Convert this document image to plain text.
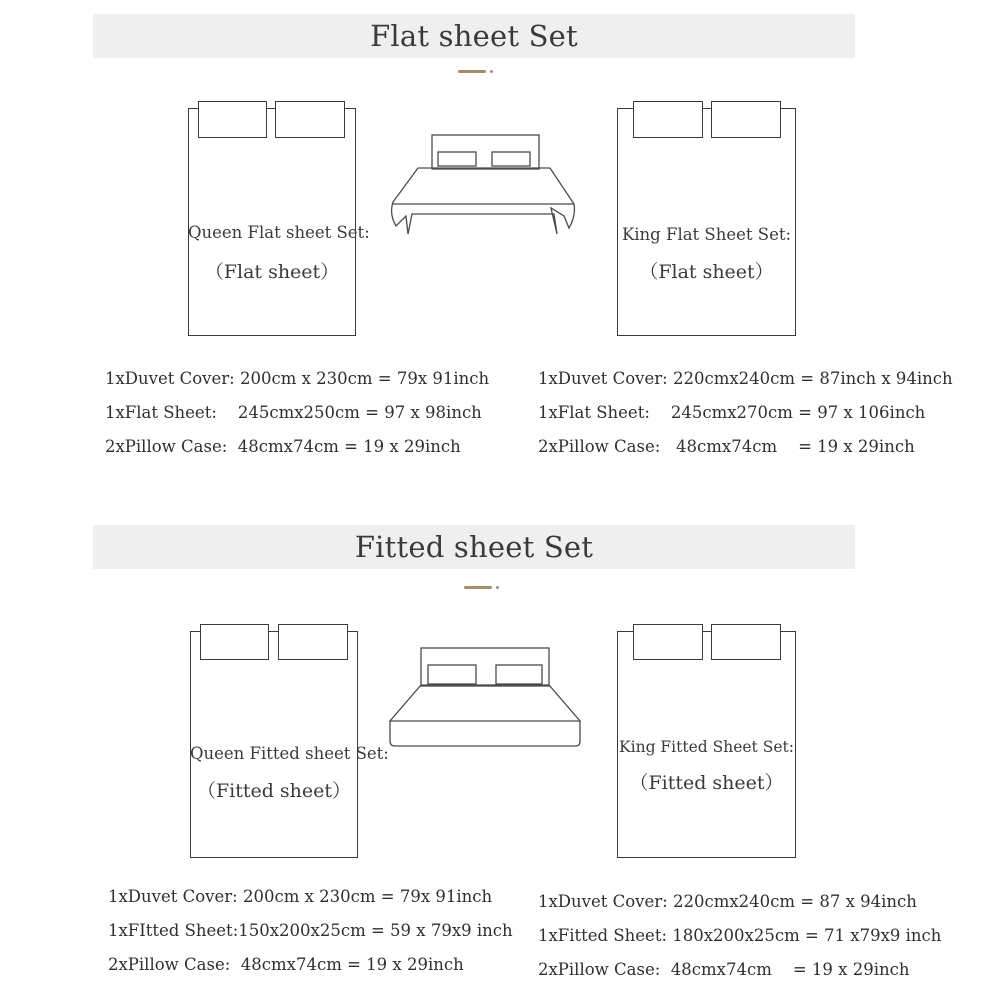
Flat sheet Set
Queen Flat sheet Set:
（Flat sheet）
King Flat Sheet Set:
（Flat sheet）
1xDuvet Cover: 200cm x 230cm = 79x 91inch
1xFlat Sheet:    245cmx250cm = 97 x 98inch
2xPillow Case:  48cmx74cm = 19 x 29inch
1xDuvet Cover: 220cmx240cm = 87inch x 94inch
1xFlat Sheet:    245cmx270cm = 97 x 106inch
2xPillow Case:   48cmx74cm    = 19 x 29inch
Fitted sheet Set
Queen Fitted sheet Set:
（Fitted sheet）
King Fitted Sheet Set:
（Fitted sheet）
1xDuvet Cover: 200cm x 230cm = 79x 91inch
1xFItted Sheet:150x200x25cm = 59 x 79x9 inch
2xPillow Case:  48cmx74cm = 19 x 29inch
1xDuvet Cover: 220cmx240cm = 87 x 94inch
1xFitted Sheet: 180x200x25cm = 71 x79x9 inch
2xPillow Case:  48cmx74cm    = 19 x 29inch
